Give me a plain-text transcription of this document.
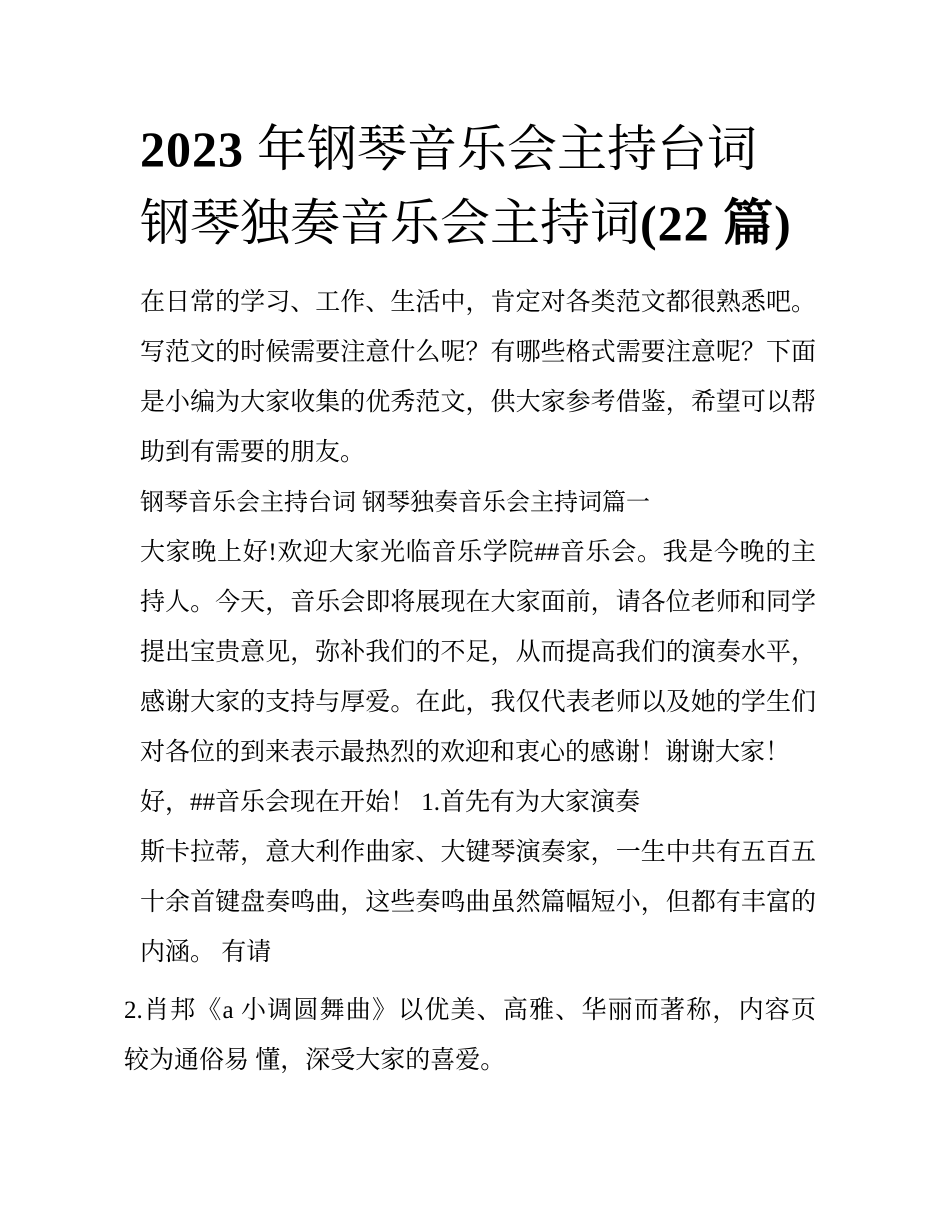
2023 年钢琴音乐会主持台词
钢琴独奏音乐会主持词(22 篇)
在日常的学习、工作、生活中，肯定对各类范文都很熟悉吧。
写范文的时候需要注意什么呢？有哪些格式需要注意呢？下面
是小编为大家收集的优秀范文，供大家参考借鉴，希望可以帮
助到有需要的朋友。
钢琴音乐会主持台词 钢琴独奏音乐会主持词篇一
大家晚上好!欢迎大家光临音乐学院##音乐会。我是今晚的主
持人。今天，音乐会即将展现在大家面前，请各位老师和同学
提出宝贵意见，弥补我们的不足，从而提高我们的演奏水平，
感谢大家的支持与厚爱。在此，我仅代表老师以及她的学生们
对各位的到来表示最热烈的欢迎和衷心的感谢！谢谢大家！
好，##音乐会现在开始！ 1.首先有为大家演奏
斯卡拉蒂，意大利作曲家、大键琴演奏家，一生中共有五百五
十余首键盘奏鸣曲，这些奏鸣曲虽然篇幅短小，但都有丰富的
内涵。 有请
2.肖邦《a 小调圆舞曲》以优美、高雅、华丽而著称，内容页
较为通俗易 懂，深受大家的喜爱。
